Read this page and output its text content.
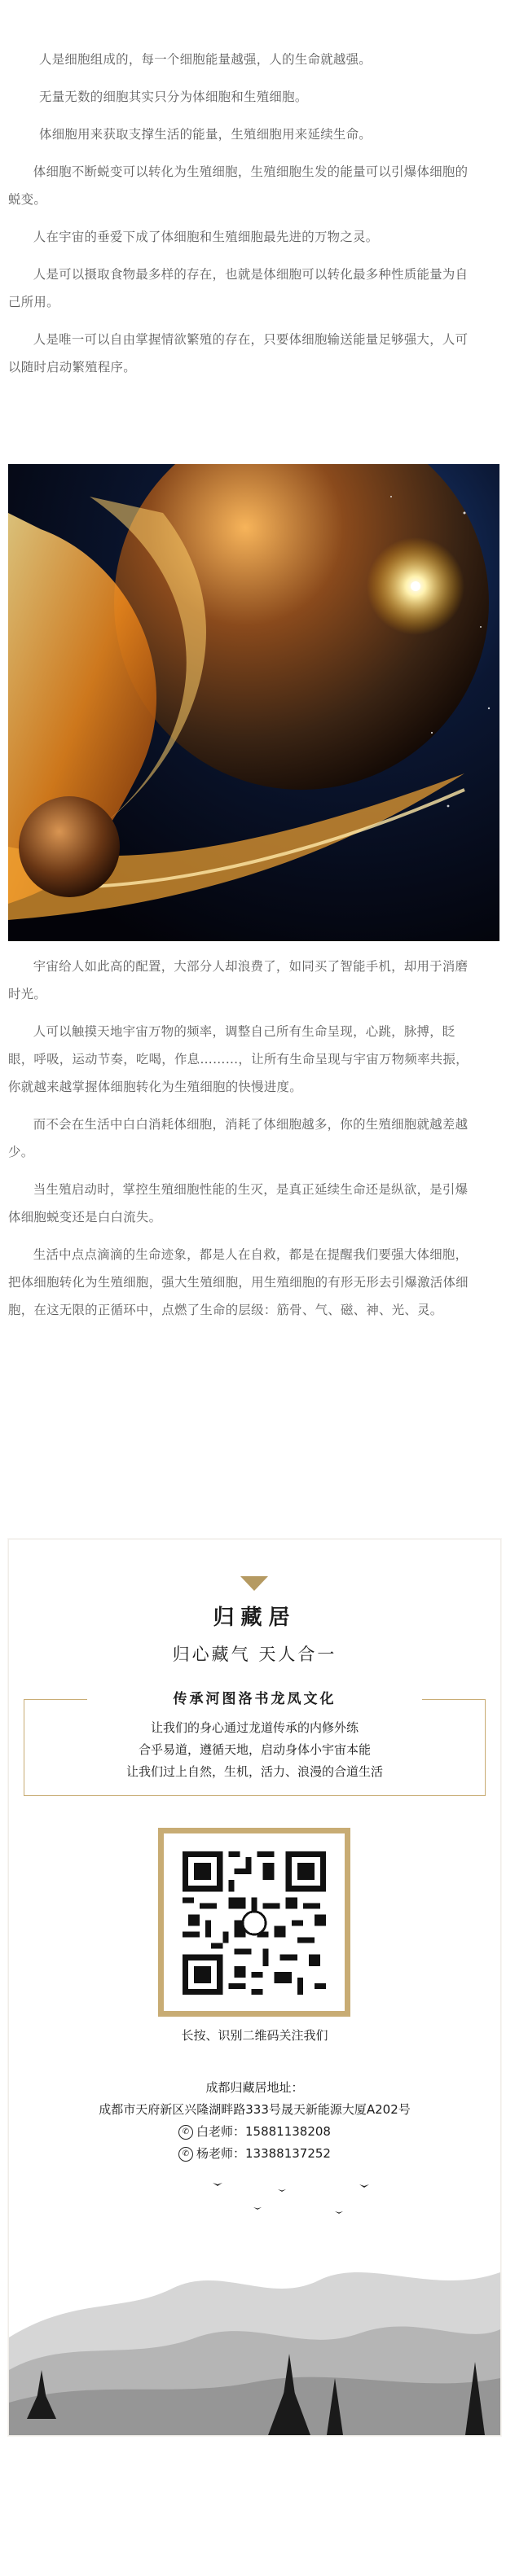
人是细胞组成的，每一个细胞能量越强，人的生命就越强。

无量无数的细胞其实只分为体细胞和生殖细胞。

体细胞用来获取支撑生活的能量，生殖细胞用来延续生命。

体细胞不断蜕变可以转化为生殖细胞，生殖细胞生发的能量可以引爆体细胞的蜕变。

人在宇宙的垂爱下成了体细胞和生殖细胞最先进的万物之灵。

人是可以摄取食物最多样的存在，也就是体细胞可以转化最多种性质能量为自己所用。

人是唯一可以自由掌握情欲繁殖的存在，只要体细胞输送能量足够强大，人可以随时启动繁殖程序。

宇宙给人如此高的配置，大部分人却浪费了，如同买了智能手机，却用于消磨时光。

人可以触摸天地宇宙万物的频率，调整自己所有生命呈现，心跳，脉搏，眨眼，呼吸，运动节奏，吃喝，作息………，让所有生命呈现与宇宙万物频率共振，你就越来越掌握体细胞转化为生殖细胞的快慢进度。

而不会在生活中白白消耗体细胞，消耗了体细胞越多，你的生殖细胞就越差越少。

当生殖启动时，掌控生殖细胞性能的生灭，是真正延续生命还是纵欲，是引爆体细胞蜕变还是白白流失。

生活中点点滴滴的生命迹象，都是人在自救，都是在提醒我们要强大体细胞，把体细胞转化为生殖细胞，强大生殖细胞，用生殖细胞的有形无形去引爆激活体细胞，在这无限的正循环中，点燃了生命的层级：筋骨、气、磁、神、光、灵。

归藏居
归心藏气 天人合一
传承河图洛书龙凤文化
让我们的身心通过龙道传承的内修外练
合乎易道，遵循天地，启动身体小宇宙本能
让我们过上自然，生机，活力、浪漫的合道生活
长按、识别二维码关注我们
成都归藏居地址：
成都市天府新区兴隆湖畔路333号晟天新能源大厦A202号
✆ 白老师：15881138208
✆ 杨老师：13388137252
